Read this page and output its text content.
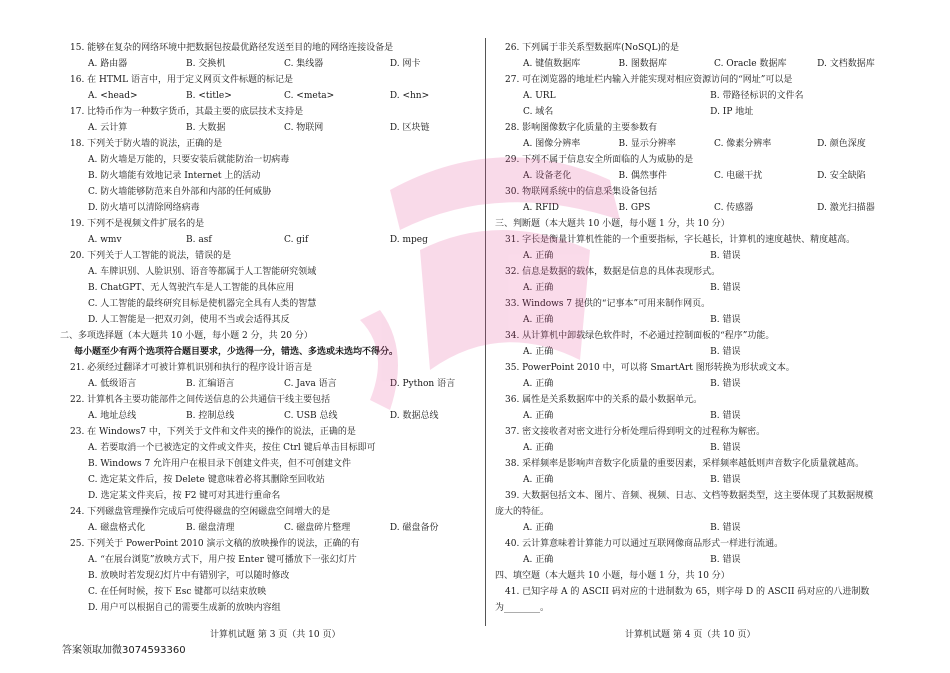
15. 能够在复杂的网络环境中把数据包按最优路径发送至目的地的网络连接设备是
A. 路由器	B. 交换机	C. 集线器	D. 网卡
16. 在 HTML 语言中，用于定义网页文件标题的标记是
A. <head>	B. <title>	C. <meta>	D. <hn>
17. 比特币作为一种数字货币，其最主要的底层技术支持是
A. 云计算	B. 大数据	C. 物联网	D. 区块链
18. 下列关于防火墙的说法，正确的是
A. 防火墙是万能的，只要安装后就能防治一切病毒
B. 防火墙能有效地记录 Internet 上的活动
C. 防火墙能够防范来自外部和内部的任何威胁
D. 防火墙可以清除网络病毒
19. 下列不是视频文件扩展名的是
A. wmv	B. asf	C. gif	D. mpeg
20. 下列关于人工智能的说法，错误的是
A. 车牌识别、人脸识别、语音等都属于人工智能研究领域
B. ChatGPT、无人驾驶汽车是人工智能的具体应用
C. 人工智能的最终研究目标是使机器完全具有人类的智慧
D. 人工智能是一把双刃剑，使用不当或会适得其反
二、多项选择题（本大题共 10 小题，每小题 2 分，共 20 分）
每小题至少有两个选项符合题目要求，少选得一分，错选、多选或未选均不得分。
21. 必须经过翻译才可被计算机识别和执行的程序设计语言是
A. 低级语言	B. 汇编语言	C. Java 语言	D. Python 语言
22. 计算机各主要功能部件之间传送信息的公共通信干线主要包括
A. 地址总线	B. 控制总线	C. USB 总线	D. 数据总线
23. 在 Windows7 中，下列关于文件和文件夹的操作的说法，正确的是
A. 若要取消一个已被选定的文件或文件夹，按住 Ctrl 键后单击目标即可
B. Windows 7 允许用户在根目录下创建文件夹，但不可创建文件
C. 选定某文件后，按 Delete 键意味着必将其删除至回收站
D. 选定某文件夹后，按 F2 键可对其进行重命名
24. 下列磁盘管理操作完成后可使得磁盘的空闲磁盘空间增大的是
A. 磁盘格式化	B. 磁盘清理	C. 磁盘碎片整理	D. 磁盘备份
25. 下列关于 PowerPoint 2010 演示文稿的放映操作的说法，正确的有
A. “在展台浏览”放映方式下，用户按 Enter 键可播放下一张幻灯片
B. 放映时若发现幻灯片中有错别字，可以随时修改
C. 在任何时候，按下 Esc 键都可以结束放映
D. 用户可以根据自己的需要生成新的放映内容组
计算机试题 第 3 页（共 10 页）
26. 下列属于非关系型数据库(NoSQL)的是
A. 键值数据库	B. 图数据库	C. Oracle 数据库	D. 文档数据库
27. 可在浏览器的地址栏内输入并能实现对相应资源访问的“网址”可以是
A. URL	B. 带路径标识的文件名
C. 域名	D. IP 地址
28. 影响图像数字化质量的主要参数有
A. 图像分辨率	B. 显示分辨率	C. 像素分辨率	D. 颜色深度
29. 下列不属于信息安全所面临的人为威胁的是
A. 设备老化	B. 偶然事件	C. 电磁干扰	D. 安全缺陷
30. 物联网系统中的信息采集设备包括
A. RFID	B. GPS	C. 传感器	D. 激光扫描器
三、判断题（本大题共 10 小题，每小题 1 分，共 10 分）
31. 字长是衡量计算机性能的一个重要指标，字长越长，计算机的速度越快、精度越高。
A. 正确	B. 错误
32. 信息是数据的载体，数据是信息的具体表现形式。
A. 正确	B. 错误
33. Windows 7 提供的“记事本”可用来制作网页。
A. 正确	B. 错误
34. 从计算机中卸载绿色软件时，不必通过控制面板的“程序”功能。
A. 正确	B. 错误
35. PowerPoint 2010 中，可以将 SmartArt 图形转换为形状或文本。
A. 正确	B. 错误
36. 属性是关系数据库中的关系的最小数据单元。
A. 正确	B. 错误
37. 密文接收者对密文进行分析处理后得到明文的过程称为解密。
A. 正确	B. 错误
38. 采样频率是影响声音数字化质量的重要因素，采样频率越低则声音数字化质量就越高。
A. 正确	B. 错误
39. 大数据包括文本、图片、音频、视频、日志、文档等数据类型，这主要体现了其数据规模
庞大的特征。
A. 正确	B. 错误
40. 云计算意味着计算能力可以通过互联网像商品形式一样进行流通。
A. 正确	B. 错误
四、填空题（本大题共 10 小题，每小题 1 分，共 10 分）
41. 已知字母 A 的 ASCII 码对应的十进制数为 65，则字母 D 的 ASCII 码对应的八进制数
为________。
计算机试题 第 4 页（共 10 页）
答案领取加微3074593360
